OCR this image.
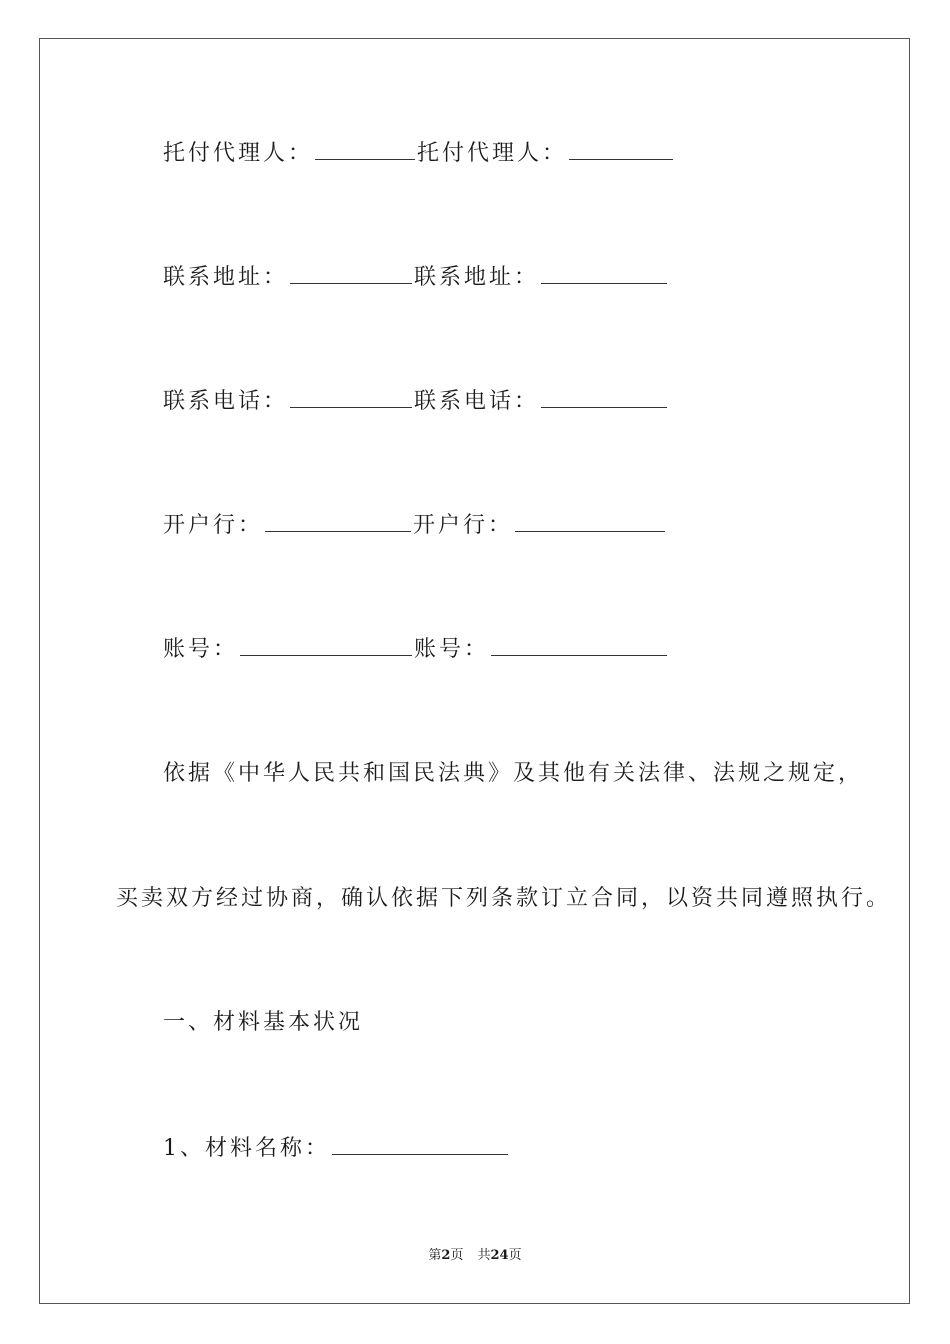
托付代理人：	托付代理人：
联系地址：	联系地址：
联系电话：	联系电话：
开户行：	开户行：
账号：	账号：
依据《中华人民共和国民法典》及其他有关法律、法规之规定，
买卖双方经过协商，确认依据下列条款订立合同，以资共同遵照执行。
一、材料基本状况
1、材料名称：
第2页 共24页
